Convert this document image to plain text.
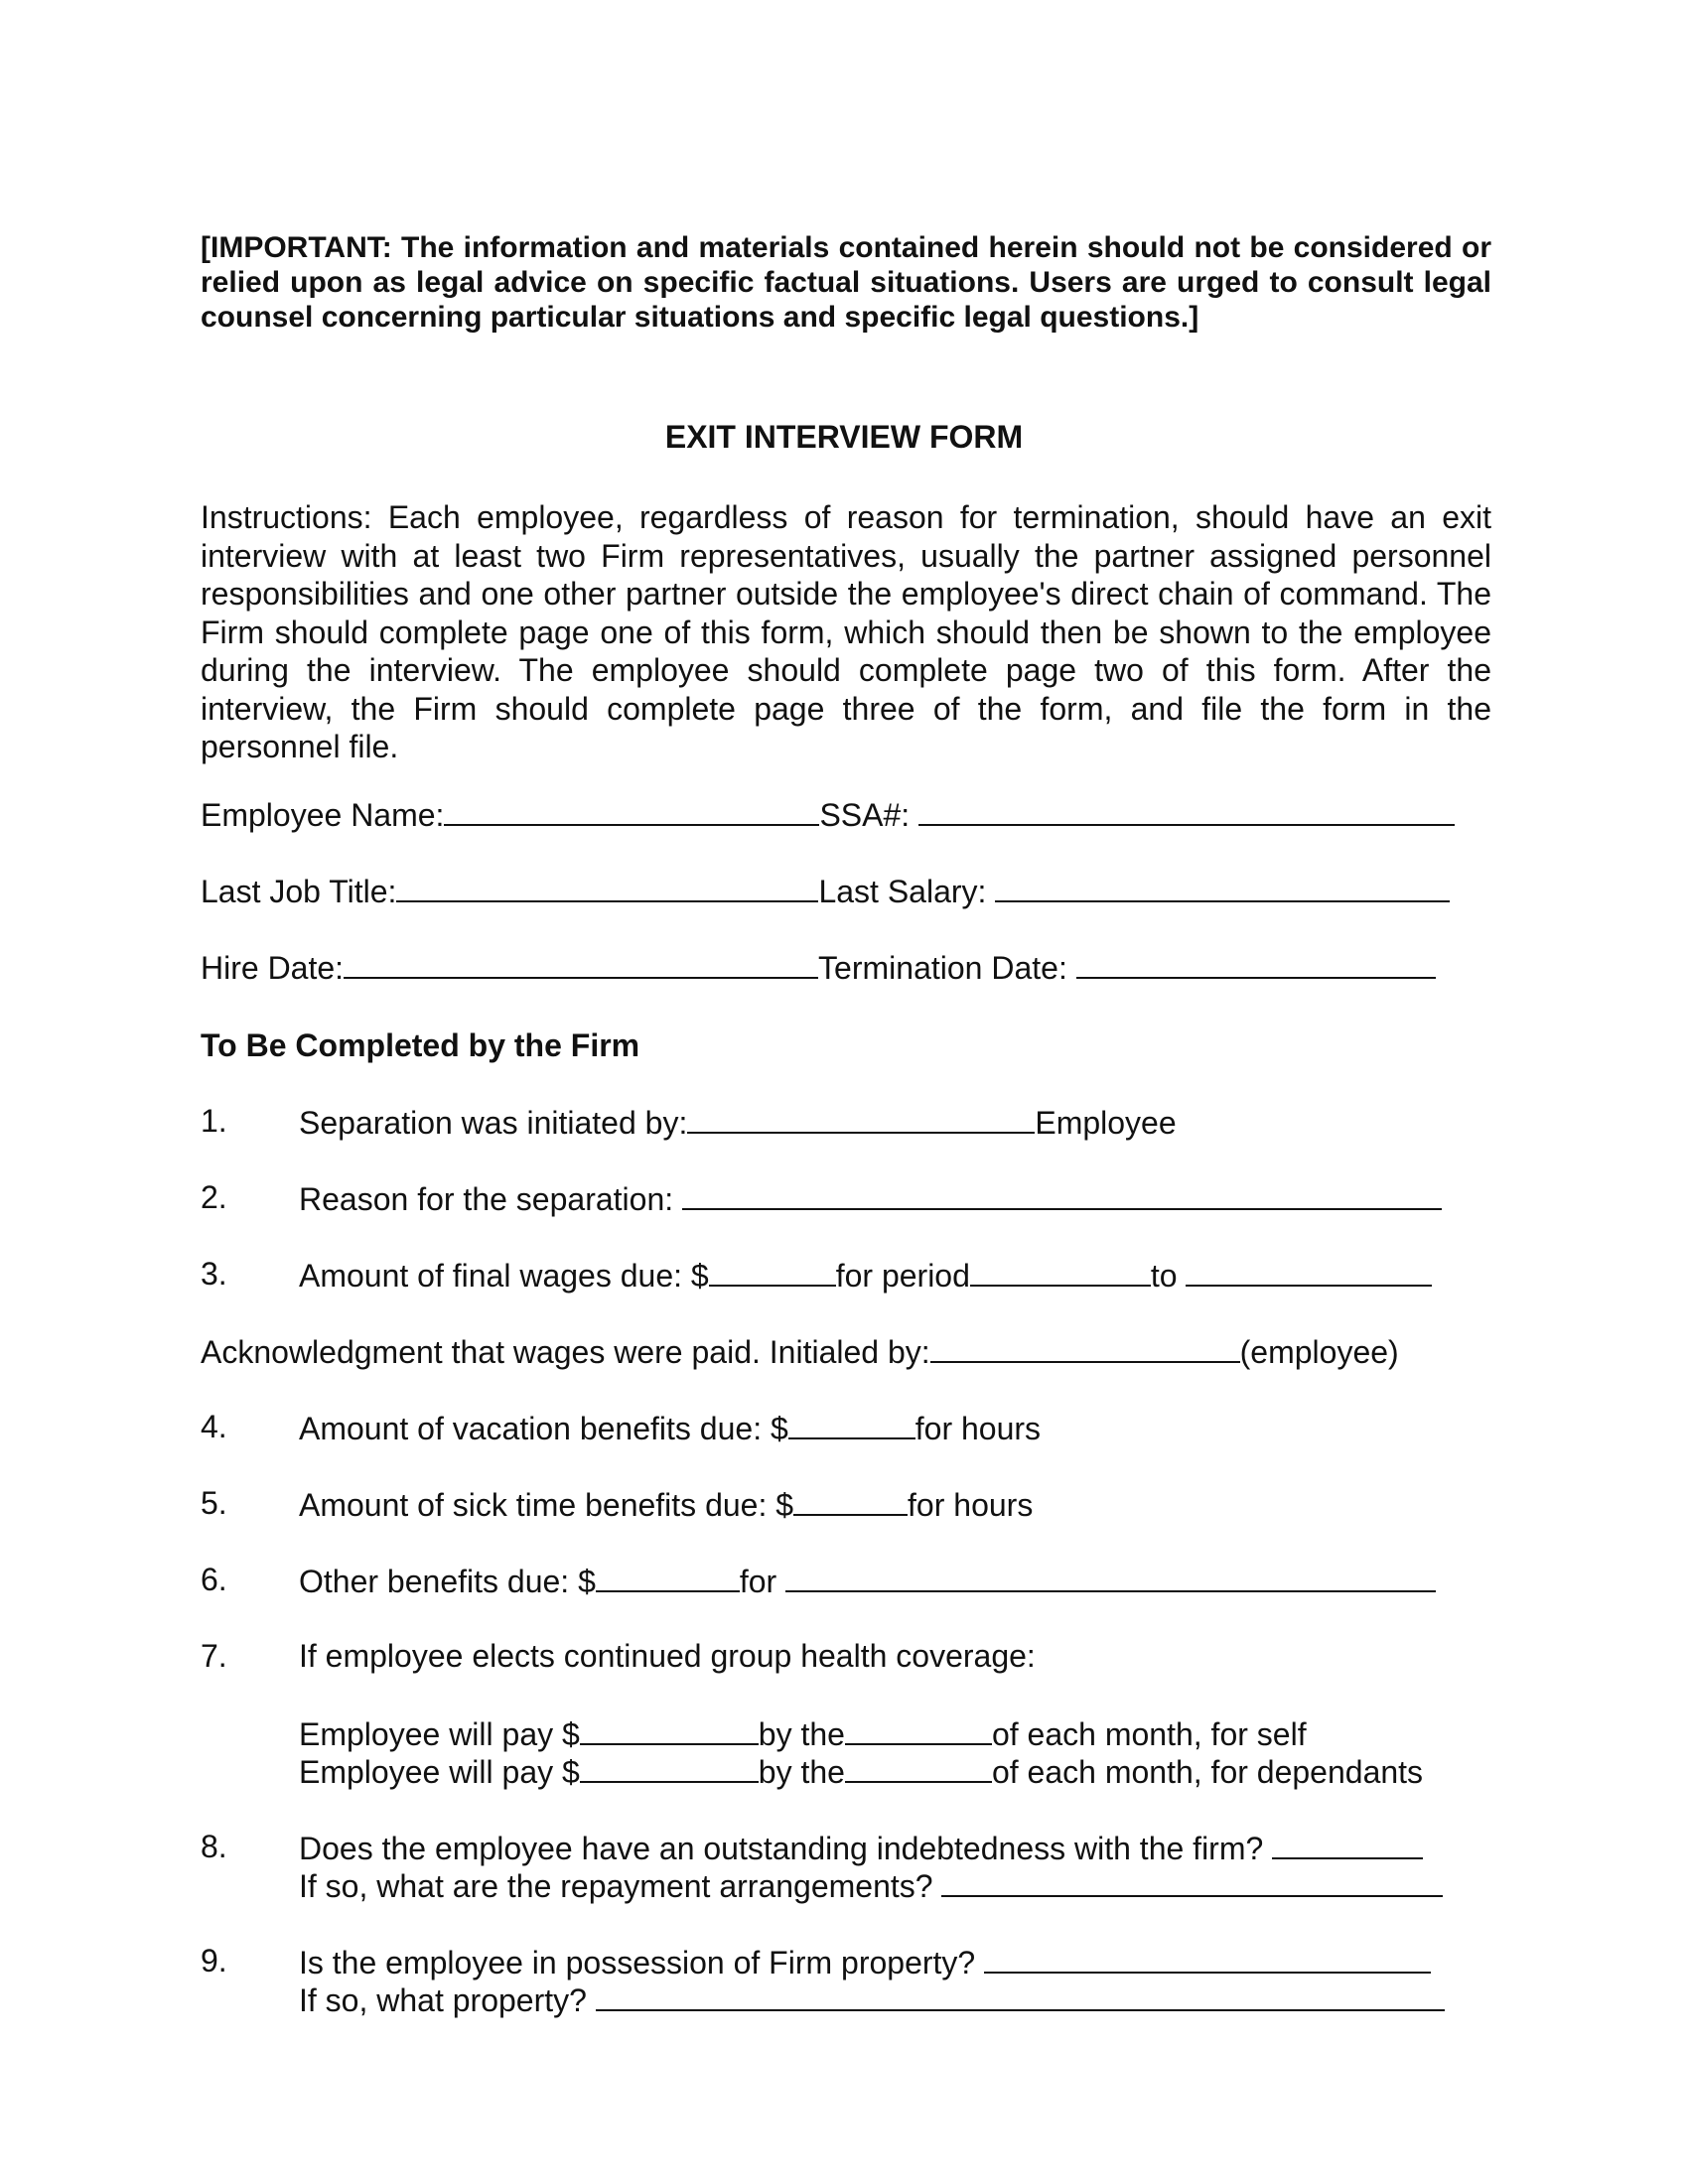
[IMPORTANT: The information and materials contained herein should not be considered or relied upon as legal advice on specific factual situations. Users are urged to consult legal counsel concerning particular situations and specific legal questions.]

EXIT INTERVIEW FORM

Instructions: Each employee, regardless of reason for termination, should have an exit interview with at least two Firm representatives, usually the partner assigned personnel responsibilities and one other partner outside the employee's direct chain of command. The Firm should complete page one of this form, which should then be shown to the employee during the interview. The employee should complete page two of this form. After the interview, the Firm should complete page three of the form, and file the form in the personnel file.

Employee Name:	SSA#:
Last Job Title:	Last Salary:
Hire Date:	Termination Date:
To Be Completed by the Firm
1. Separation was initiated by:	Employee
2. Reason for the separation:
3. Amount of final wages due: $	for period	to
Acknowledgment that wages were paid. Initialed by:	(employee)
4. Amount of vacation benefits due: $	for hours
5. Amount of sick time benefits due: $	for hours
6. Other benefits due: $	for
7. If employee elects continued group health coverage:
Employee will pay $	by the	of each month, for self
Employee will pay $	by the	of each month, for dependants
8. Does the employee have an outstanding indebtedness with the firm?
If so, what are the repayment arrangements?
9. Is the employee in possession of Firm property?
If so, what property?
